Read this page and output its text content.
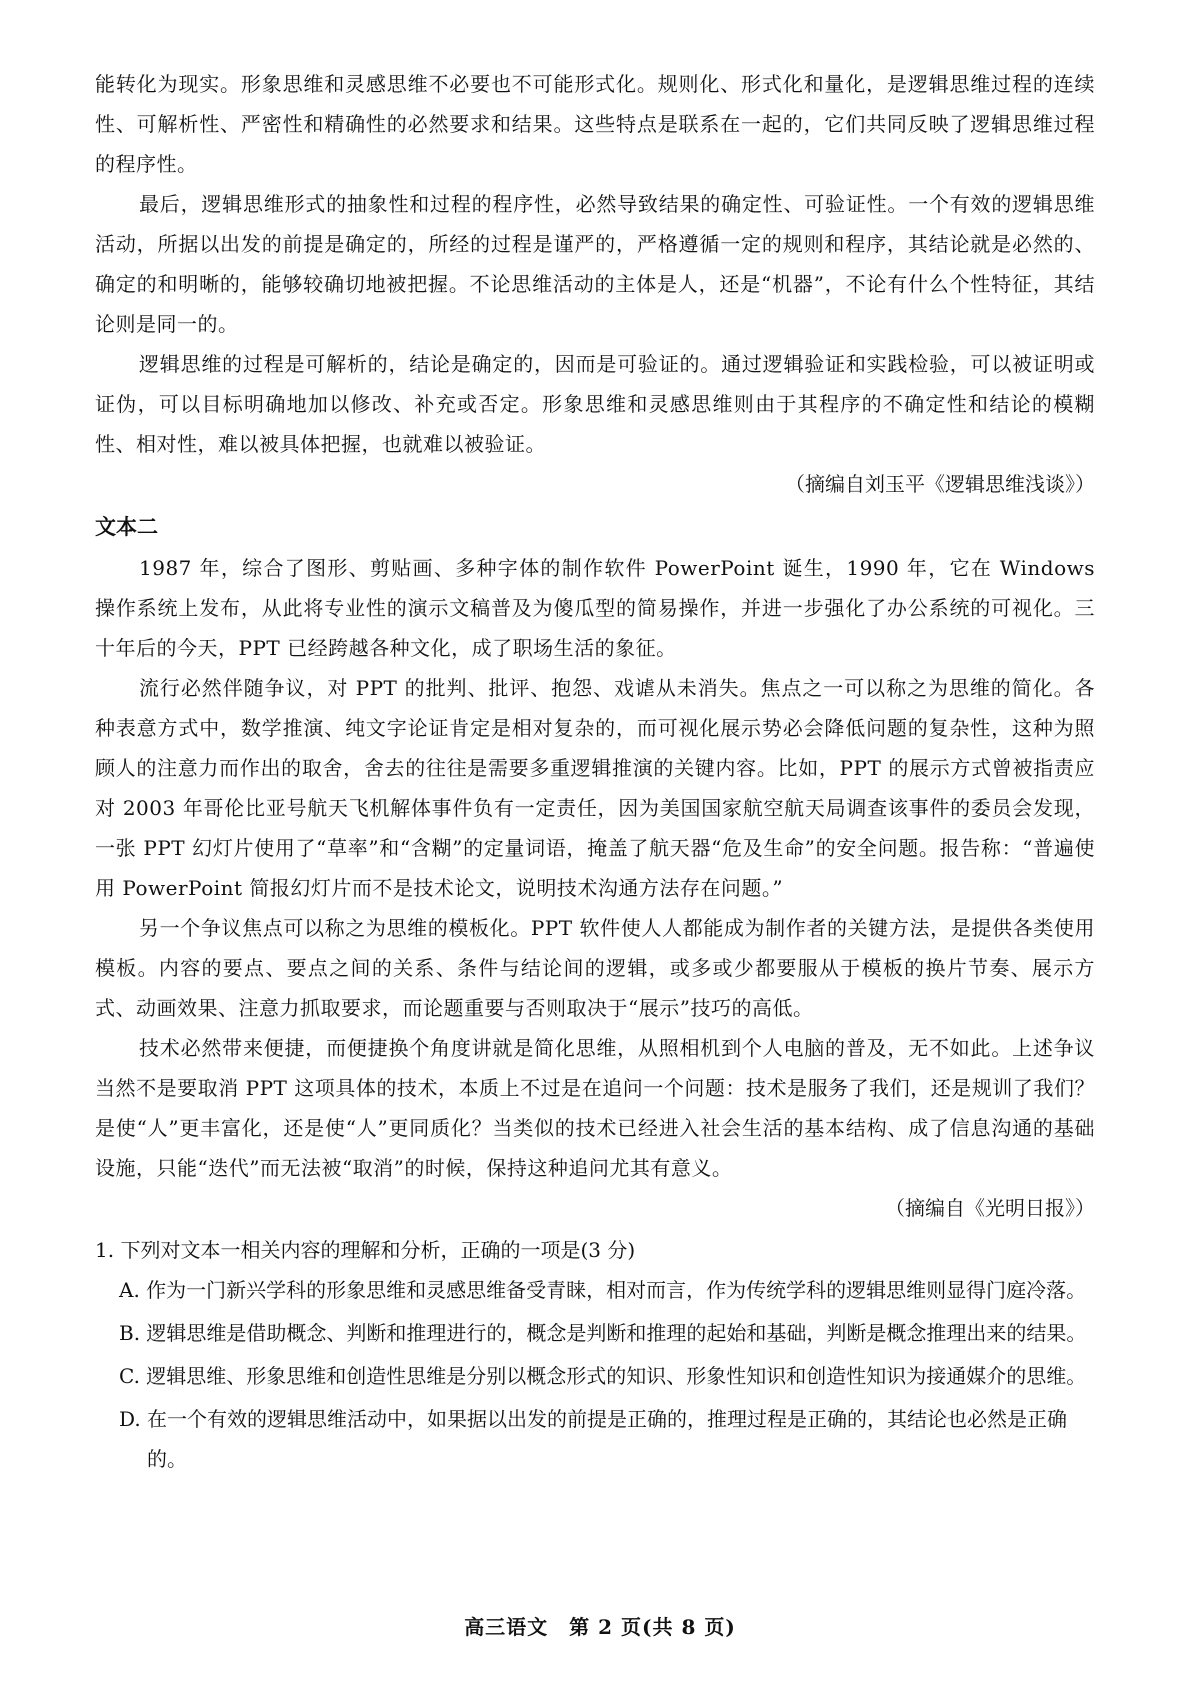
能转化为现实。形象思维和灵感思维不必要也不可能形式化。规则化、形式化和量化，是逻辑思维过程的连续性、可解析性、严密性和精确性的必然要求和结果。这些特点是联系在一起的，它们共同反映了逻辑思维过程的程序性。

最后，逻辑思维形式的抽象性和过程的程序性，必然导致结果的确定性、可验证性。一个有效的逻辑思维活动，所据以出发的前提是确定的，所经的过程是谨严的，严格遵循一定的规则和程序，其结论就是必然的、确定的和明晰的，能够较确切地被把握。不论思维活动的主体是人，还是“机器”，不论有什么个性特征，其结论则是同一的。

逻辑思维的过程是可解析的，结论是确定的，因而是可验证的。通过逻辑验证和实践检验，可以被证明或证伪，可以目标明确地加以修改、补充或否定。形象思维和灵感思维则由于其程序的不确定性和结论的模糊性、相对性，难以被具体把握，也就难以被验证。

（摘编自刘玉平《逻辑思维浅谈》）
文本二

1987 年，综合了图形、剪贴画、多种字体的制作软件 PowerPoint 诞生，1990 年，它在 Windows 操作系统上发布，从此将专业性的演示文稿普及为傻瓜型的简易操作，并进一步强化了办公系统的可视化。三十年后的今天，PPT 已经跨越各种文化，成了职场生活的象征。

流行必然伴随争议，对 PPT 的批判、批评、抱怨、戏谑从未消失。焦点之一可以称之为思维的简化。各种表意方式中，数学推演、纯文字论证肯定是相对复杂的，而可视化展示势必会降低问题的复杂性，这种为照顾人的注意力而作出的取舍，舍去的往往是需要多重逻辑推演的关键内容。比如，PPT 的展示方式曾被指责应对 2003 年哥伦比亚号航天飞机解体事件负有一定责任，因为美国国家航空航天局调查该事件的委员会发现，一张 PPT 幻灯片使用了“草率”和“含糊”的定量词语，掩盖了航天器“危及生命”的安全问题。报告称：“普遍使用 PowerPoint 简报幻灯片而不是技术论文，说明技术沟通方法存在问题。”

另一个争议焦点可以称之为思维的模板化。PPT 软件使人人都能成为制作者的关键方法，是提供各类使用模板。内容的要点、要点之间的关系、条件与结论间的逻辑，或多或少都要服从于模板的换片节奏、展示方式、动画效果、注意力抓取要求，而论题重要与否则取决于“展示”技巧的高低。

技术必然带来便捷，而便捷换个角度讲就是简化思维，从照相机到个人电脑的普及，无不如此。上述争议当然不是要取消 PPT 这项具体的技术，本质上不过是在追问一个问题：技术是服务了我们，还是规训了我们？是使“人”更丰富化，还是使“人”更同质化？当类似的技术已经进入社会生活的基本结构、成了信息沟通的基础设施，只能“迭代”而无法被“取消”的时候，保持这种追问尤其有意义。

（摘编自《光明日报》）
1. 下列对文本一相关内容的理解和分析，正确的一项是(3 分)
A. 作为一门新兴学科的形象思维和灵感思维备受青睐，相对而言，作为传统学科的逻辑思维则显得门庭冷落。
B. 逻辑思维是借助概念、判断和推理进行的，概念是判断和推理的起始和基础，判断是概念推理出来的结果。
C. 逻辑思维、形象思维和创造性思维是分别以概念形式的知识、形象性知识和创造性知识为接通媒介的思维。
D. 在一个有效的逻辑思维活动中，如果据以出发的前提是正确的，推理过程是正确的，其结论也必然是正确的。
高三语文　第 2 页(共 8 页)
